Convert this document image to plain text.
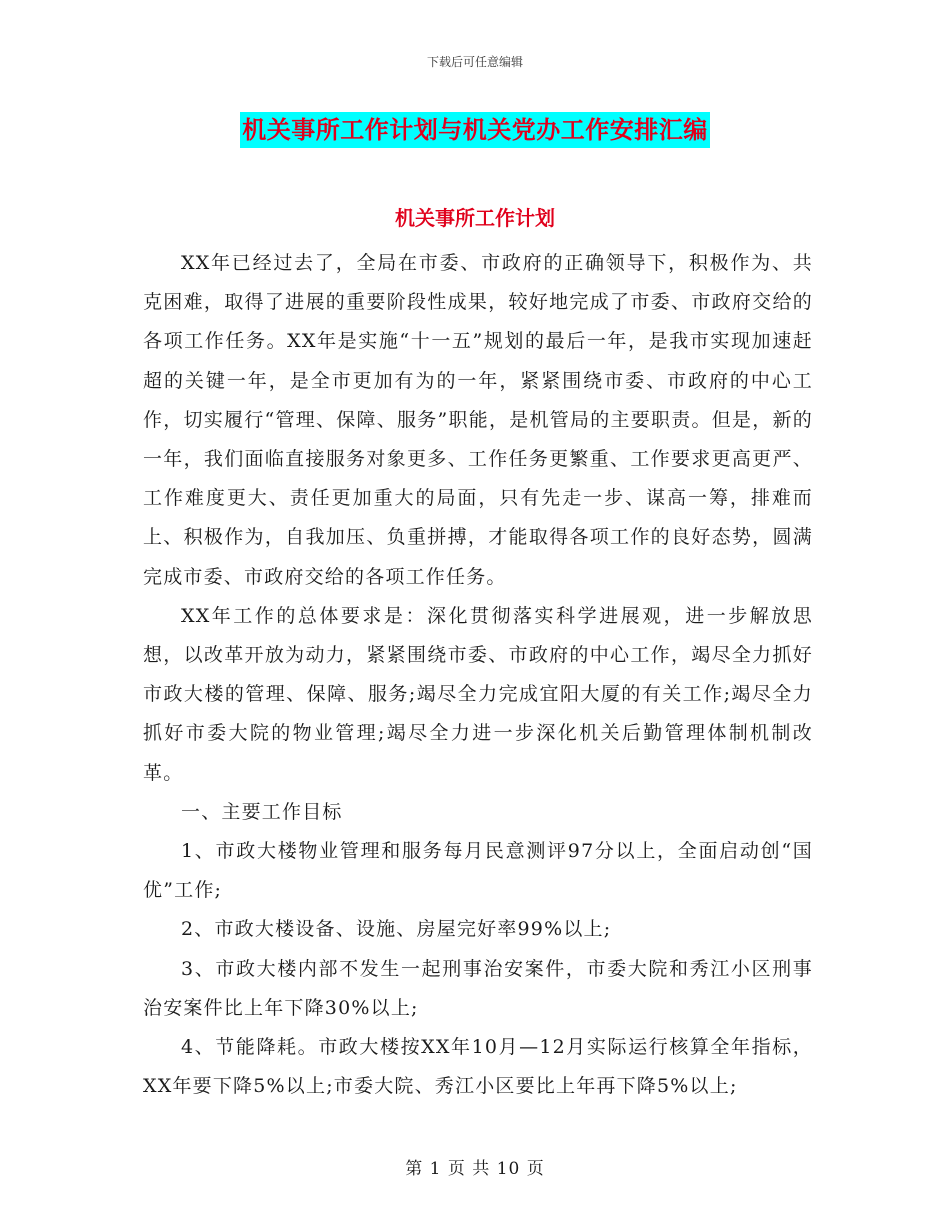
下载后可任意编辑
机关事所工作计划与机关党办工作安排汇编
机关事所工作计划

XX年已经过去了，全局在市委、市政府的正确领导下，积极作为、共克困难，取得了进展的重要阶段性成果，较好地完成了市委、市政府交给的各项工作任务。XX年是实施“十一五”规划的最后一年，是我市实现加速赶超的关键一年，是全市更加有为的一年，紧紧围绕市委、市政府的中心工作，切实履行“管理、保障、服务”职能，是机管局的主要职责。但是，新的一年，我们面临直接服务对象更多、工作任务更繁重、工作要求更高更严、工作难度更大、责任更加重大的局面，只有先走一步、谋高一筹，排难而上、积极作为，自我加压、负重拼搏，才能取得各项工作的良好态势，圆满完成市委、市政府交给的各项工作任务。

XX年工作的总体要求是：深化贯彻落实科学进展观，进一步解放思想，以改革开放为动力，紧紧围绕市委、市政府的中心工作，竭尽全力抓好市政大楼的管理、保障、服务;竭尽全力完成宜阳大厦的有关工作;竭尽全力抓好市委大院的物业管理;竭尽全力进一步深化机关后勤管理体制机制改革。

一、主要工作目标

1、市政大楼物业管理和服务每月民意测评97分以上，全面启动创“国优”工作;

2、市政大楼设备、设施、房屋完好率99%以上;

3、市政大楼内部不发生一起刑事治安案件，市委大院和秀江小区刑事治安案件比上年下降30%以上;

4、节能降耗。市政大楼按XX年10月—12月实际运行核算全年指标，XX年要下降5%以上;市委大院、秀江小区要比上年再下降5%以上;

第 1 页 共 10 页
